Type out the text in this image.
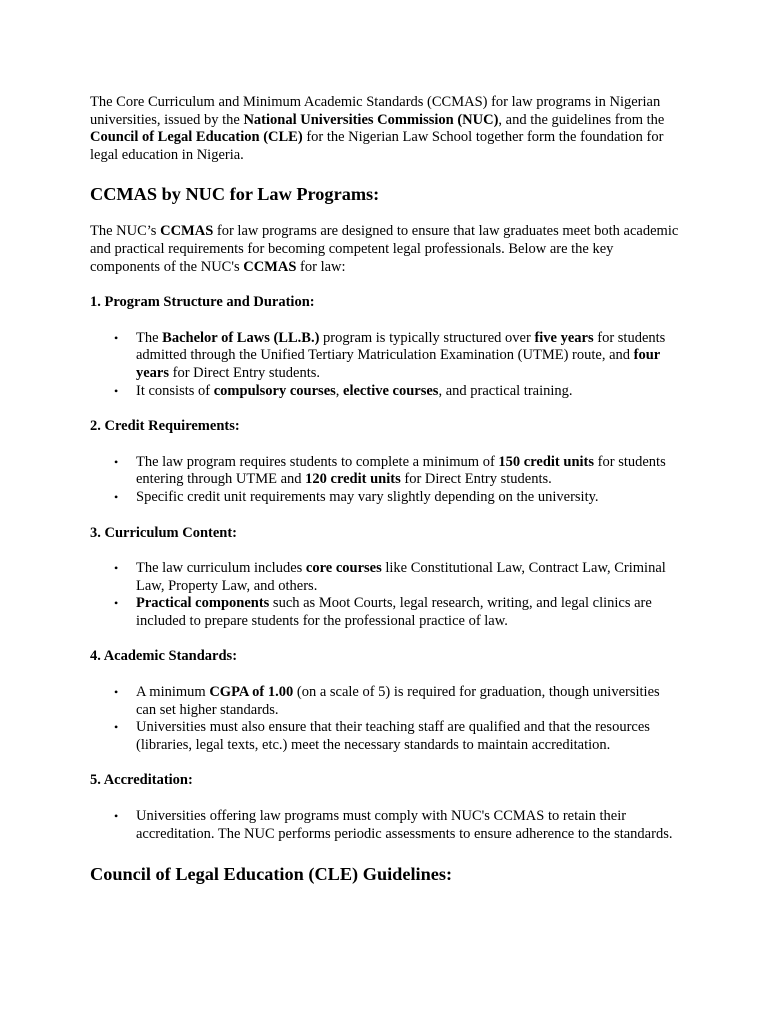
The Core Curriculum and Minimum Academic Standards (CCMAS) for law programs in Nigerian universities, issued by the National Universities Commission (NUC), and the guidelines from the Council of Legal Education (CLE) for the Nigerian Law School together form the foundation for legal education in Nigeria.

CCMAS by NUC for Law Programs:

The NUC’s CCMAS for law programs are designed to ensure that law graduates meet both academic and practical requirements for becoming competent legal professionals. Below are the key components of the NUC's CCMAS for law:

1. Program Structure and Duration:
• The Bachelor of Laws (LL.B.) program is typically structured over five years for students admitted through the Unified Tertiary Matriculation Examination (UTME) route, and four years for Direct Entry students.
• It consists of compulsory courses, elective courses, and practical training.
2. Credit Requirements:
• The law program requires students to complete a minimum of 150 credit units for students entering through UTME and 120 credit units for Direct Entry students.
• Specific credit unit requirements may vary slightly depending on the university.
3. Curriculum Content:
• The law curriculum includes core courses like Constitutional Law, Contract Law, Criminal Law, Property Law, and others.
• Practical components such as Moot Courts, legal research, writing, and legal clinics are included to prepare students for the professional practice of law.
4. Academic Standards:
• A minimum CGPA of 1.00 (on a scale of 5) is required for graduation, though universities can set higher standards.
• Universities must also ensure that their teaching staff are qualified and that the resources (libraries, legal texts, etc.) meet the necessary standards to maintain accreditation.
5. Accreditation:
• Universities offering law programs must comply with NUC's CCMAS to retain their accreditation. The NUC performs periodic assessments to ensure adherence to the standards.
Council of Legal Education (CLE) Guidelines:
